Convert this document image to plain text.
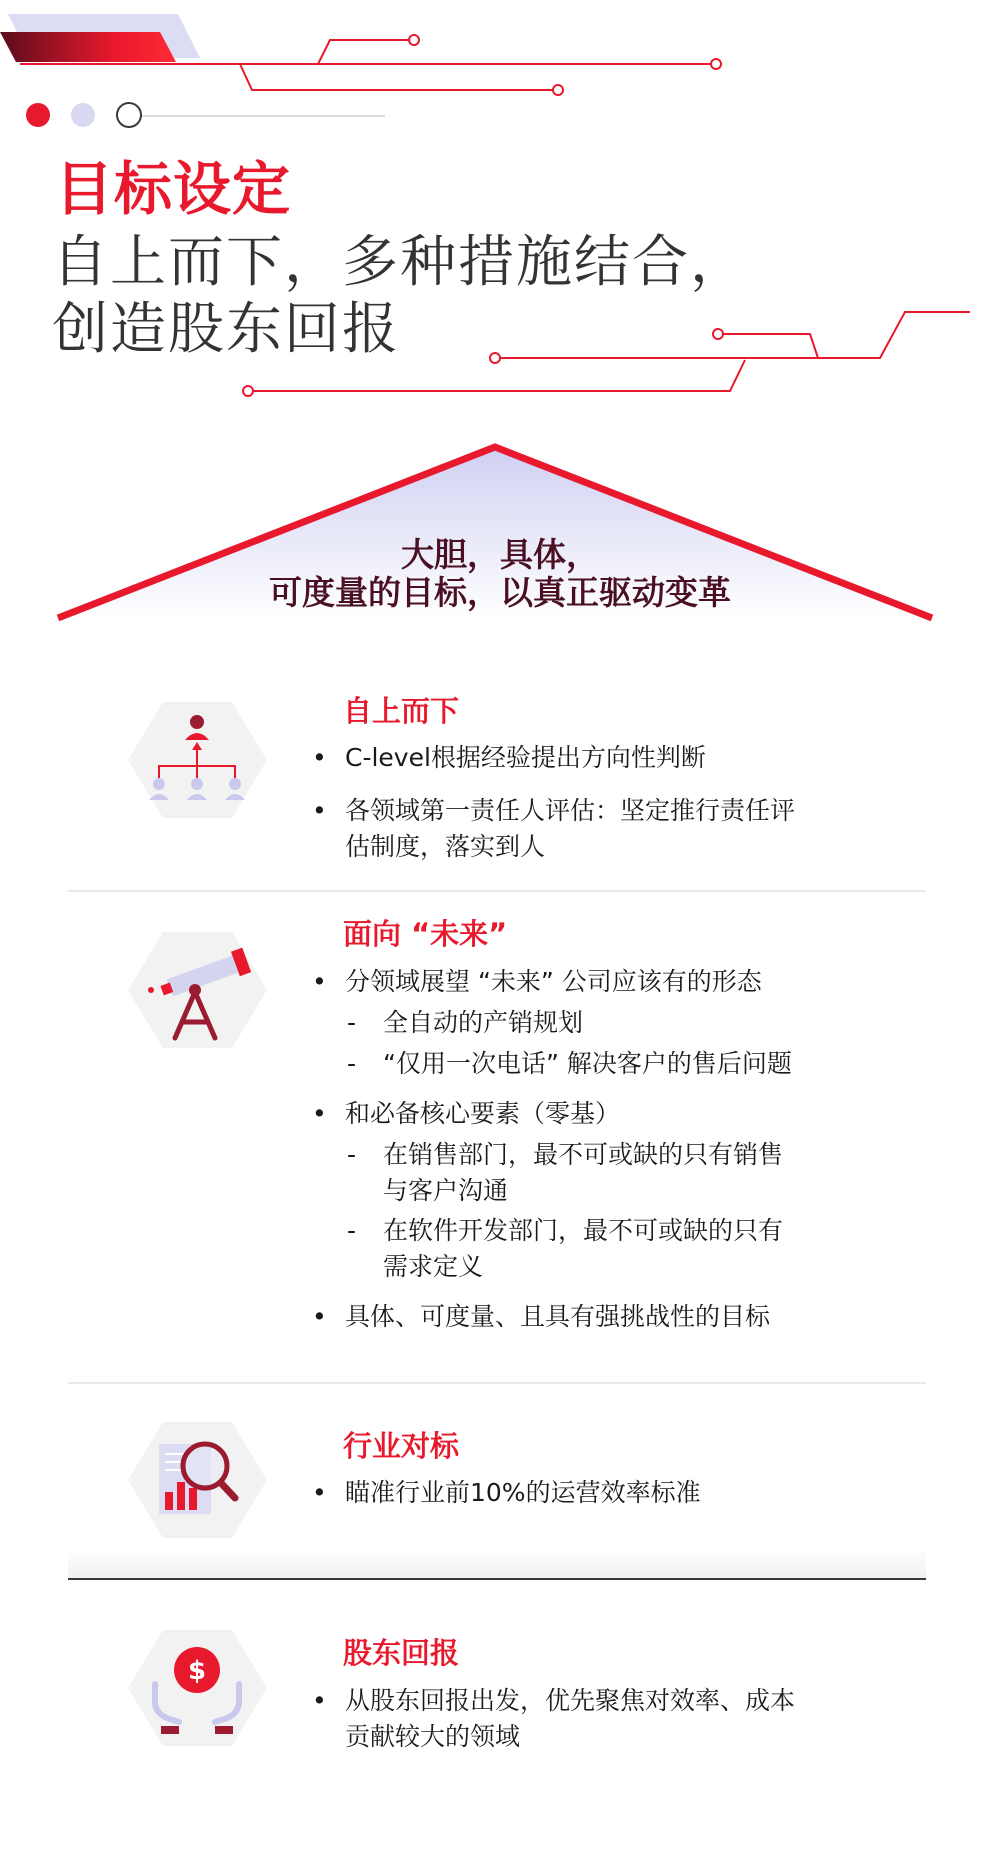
目标设定
自上而下，多种措施结合，
创造股东回报
大胆，具体，
可度量的目标，以真正驱动变革
自上而下
• C-level根据经验提出方向性判断
• 各领域第一责任人评估：坚定推行责任评
估制度，落实到人
面向 “未来”
• 分领域展望 “未来” 公司应该有的形态
- 全自动的产销规划
- “仅用一次电话” 解决客户的售后问题
• 和必备核心要素（零基）
- 在销售部门，最不可或缺的只有销售
与客户沟通
- 在软件开发部门，最不可或缺的只有
需求定义
• 具体、可度量、且具有强挑战性的目标
行业对标
• 瞄准行业前10%的运营效率标准
$
股东回报
• 从股东回报出发，优先聚焦对效率、成本
贡献较大的领域
